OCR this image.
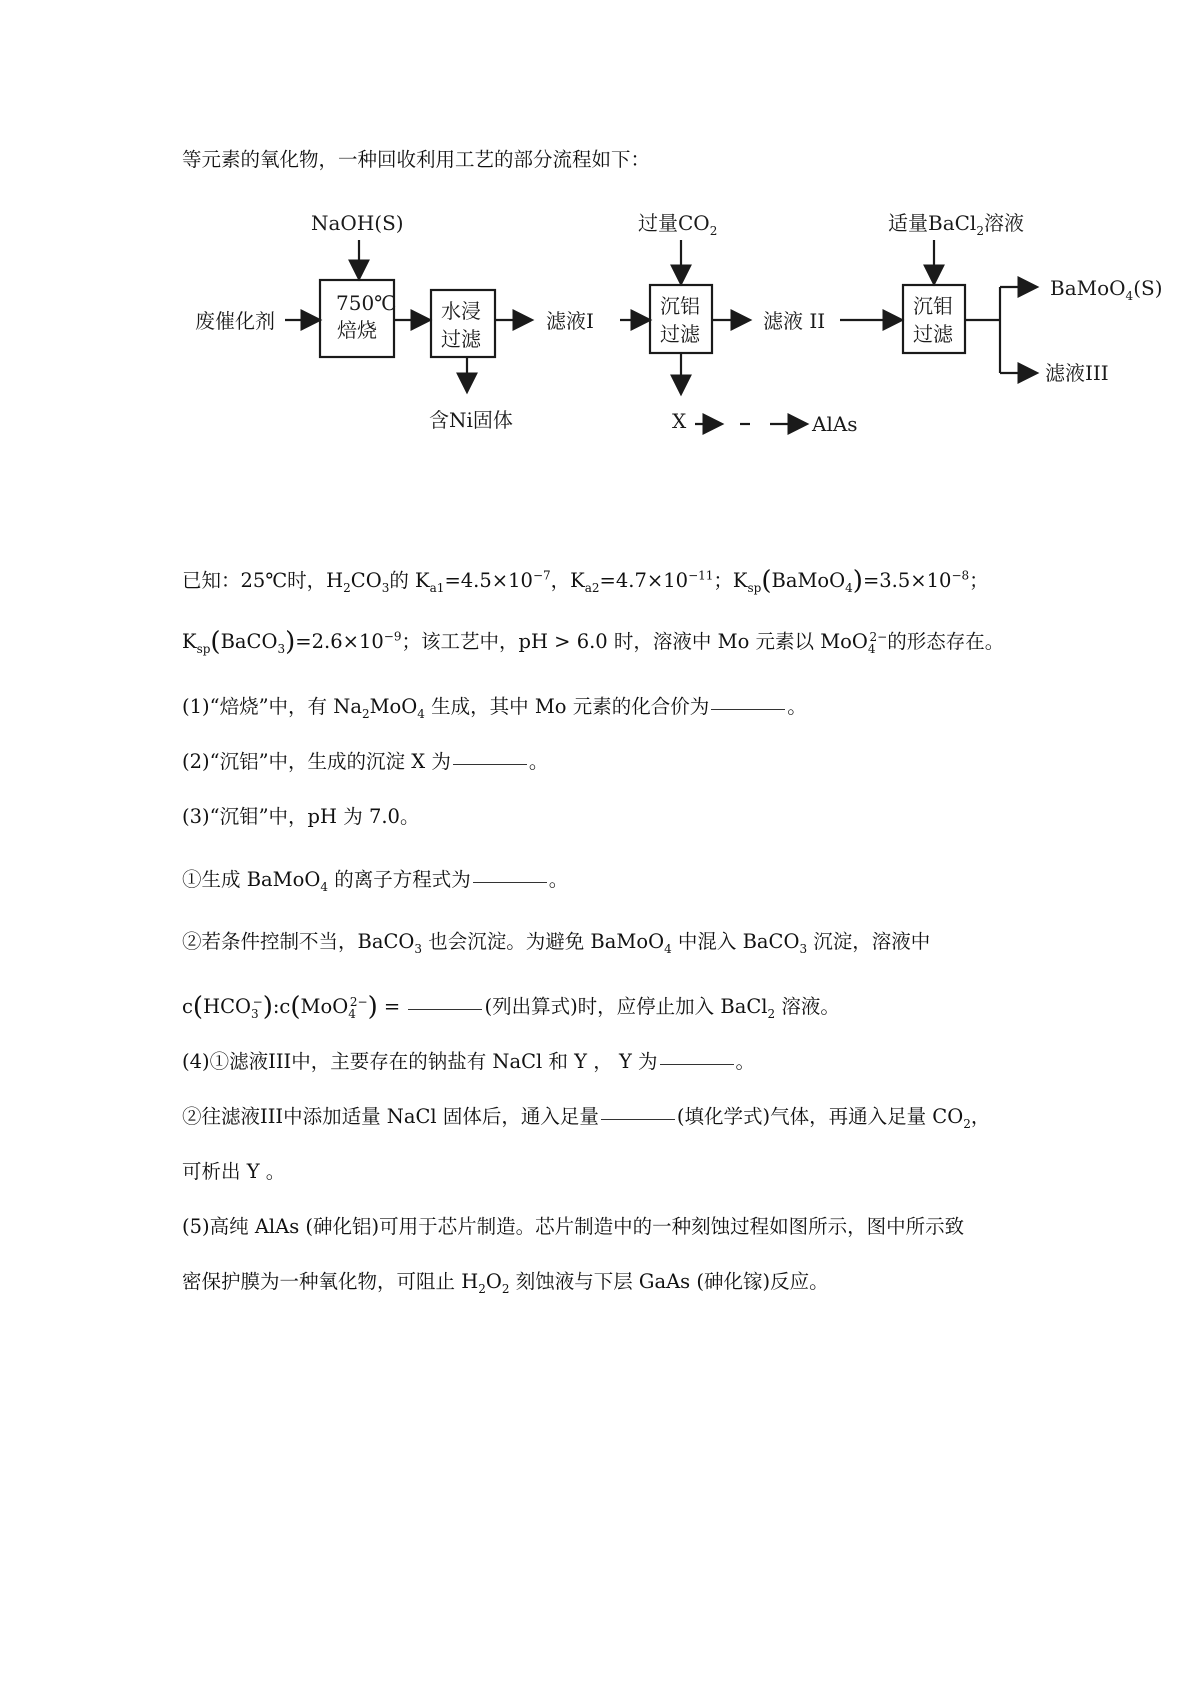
等元素的氧化物，一种回收利用工艺的部分流程如下：
废催化剂
NaOH(S)
750℃
焙烧
水浸
过滤
含Ni固体
滤液I
过量$CO_2$
沉铝
过滤
X	AlAs
滤液 II
适量BaCl$_2$溶液
沉钼
过滤
BaMoO$_4$(S)
滤液III
已知：25℃时，$H_2CO_3$的 $K_{a1}=4.5\times 10^{-7}$，$K_{a2}=4.7\times 10^{-11}$；$K_{sp}(BaMoO_4)=3.5\times 10^{-8}$；
$K_{sp}(BaCO_3)=2.6\times 10^{-9}$；该工艺中，pH > 6.0 时，溶液中 Mo 元素以 MoO$_4^{2-}$的形态存在。
(1)“焙烧”中，有 $Na_2MoO_4$ 生成，其中 Mo 元素的化合价为	。
(2)“沉铝”中，生成的沉淀 X 为	。
(3)“沉钼”中，pH 为 7.0。
①生成 BaMoO$_4$ 的离子方程式为	。
②若条件控制不当，BaCO$_3$ 也会沉淀。为避免 BaMoO$_4$ 中混入 BaCO$_3$ 沉淀，溶液中
$c(HCO_3^-):c(MoO_4^{2-})$ =	(列出算式)时，应停止加入 BaCl$_2$ 溶液。
(4)①滤液III中，主要存在的钠盐有 NaCl 和 Y ， Y 为	。
②往滤液III中添加适量 NaCl 固体后，通入足量	(填化学式)气体，再通入足量 $CO_2$，
可析出 Y 。
(5)高纯 AlAs (砷化铝)可用于芯片制造。芯片制造中的一种刻蚀过程如图所示，图中所示致
密保护膜为一种氧化物，可阻止 $H_2O_2$ 刻蚀液与下层 GaAs (砷化镓)反应。
